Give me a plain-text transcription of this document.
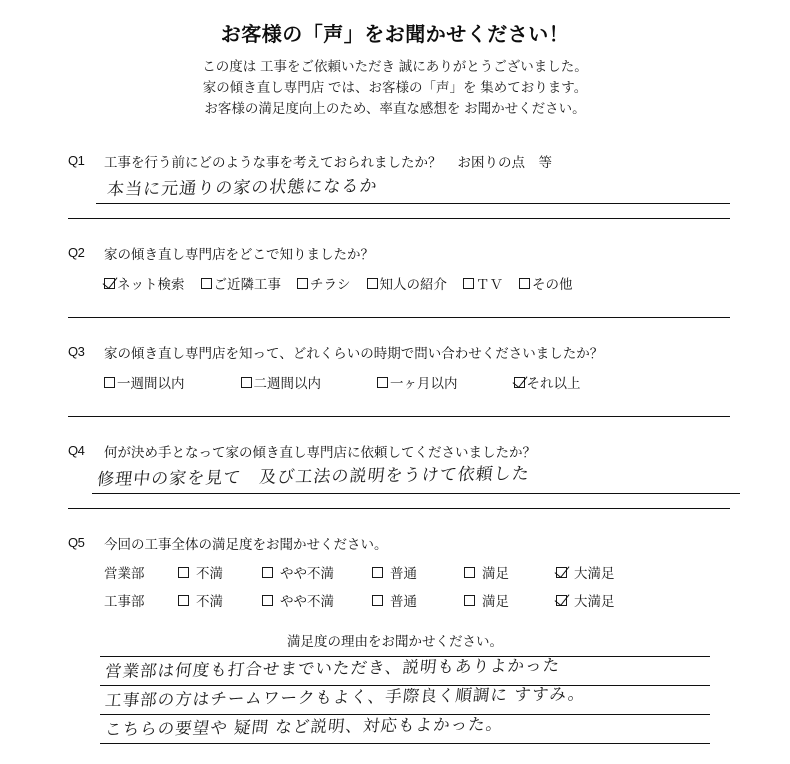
お客様の「声」をお聞かせください！
この度は 工事をご依頼いただき 誠にありがとうございました。
家の傾き直し専門店 では、お客様の「声」を 集めております。
お客様の満足度向上のため、率直な感想を お聞かせください。
Q1	工事を行う前にどのような事を考えておられましたか？ お困りの点　等
本当に元通りの家の状態になるか
Q2	家の傾き直し専門店をどこで知りましたか？
ネット検索 ご近隣工事 チラシ 知人の紹介 ＴＶ その他
Q3	家の傾き直し専門店を知って、どれくらいの時期で問い合わせくださいましたか？
一週間以内	二週間以内	一ヶ月以内	それ以上
Q4	何が決め手となって家の傾き直し専門店に依頼してくださいましたか？
修理中の家を見て　及び工法の説明をうけて依頼した
Q5	今回の工事全体の満足度をお聞かせください。
営業部	不満	やや不満	普通	満足	大満足
工事部	不満	やや不満	普通	満足	大満足
満足度の理由をお聞かせください。
営業部は何度も打合せまでいただき、説明もありよかった
工事部の方はチームワークもよく、手際良く順調に すすみ。
こちらの要望や 疑問 など説明、対応もよかった。
